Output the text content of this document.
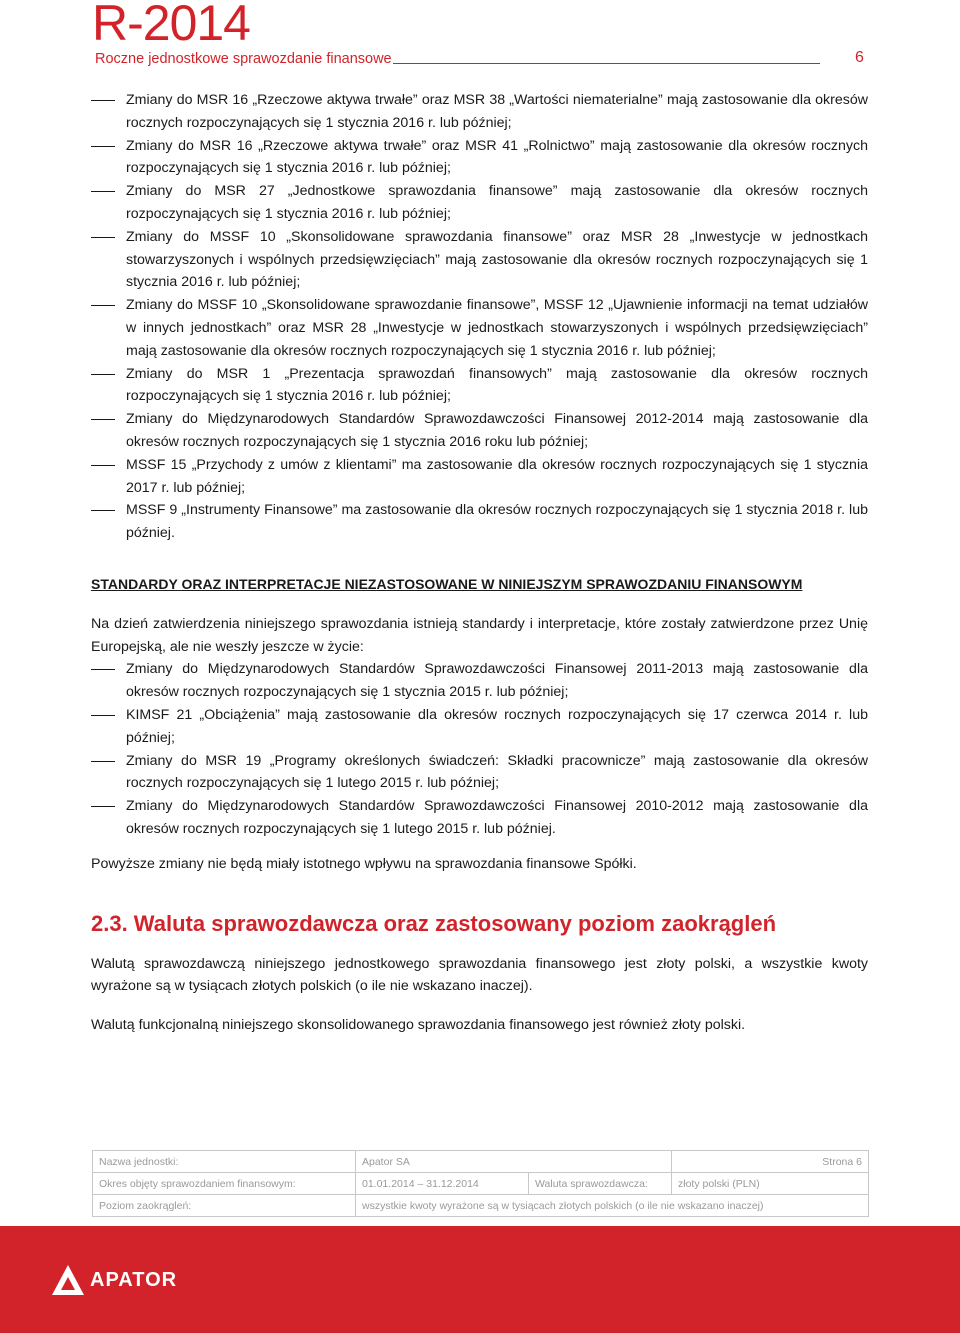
R-2014
Roczne jednostkowe sprawozdanie finansowe	6
Zmiany do MSR 16 „Rzeczowe aktywa trwałe” oraz MSR 38 „Wartości niematerialne” mają zastosowanie dla okresów rocznych rozpoczynających się 1 stycznia 2016 r. lub później;
Zmiany do MSR 16 „Rzeczowe aktywa trwałe” oraz MSR 41 „Rolnictwo” mają zastosowanie dla okresów rocznych rozpoczynających się 1 stycznia 2016 r. lub później;
Zmiany do MSR 27 „Jednostkowe sprawozdania finansowe” mają zastosowanie dla okresów rocznych rozpoczynających się 1 stycznia 2016 r. lub później;
Zmiany do MSSF 10 „Skonsolidowane sprawozdania finansowe” oraz MSR 28 „Inwestycje w jednostkach stowarzyszonych i wspólnych przedsięwzięciach” mają zastosowanie dla okresów rocznych rozpoczynających się 1 stycznia 2016 r. lub później;
Zmiany do MSSF 10 „Skonsolidowane sprawozdanie finansowe”, MSSF 12 „Ujawnienie informacji na temat udziałów w innych jednostkach” oraz MSR 28 „Inwestycje w jednostkach stowarzyszonych i wspólnych przedsięwzięciach” mają zastosowanie dla okresów rocznych rozpoczynających się 1 stycznia 2016 r. lub później;
Zmiany do MSR 1 „Prezentacja sprawozdań finansowych” mają zastosowanie dla okresów rocznych rozpoczynających się 1 stycznia 2016 r. lub później;
Zmiany do Międzynarodowych Standardów Sprawozdawczości Finansowej 2012-2014 mają zastosowanie dla okresów rocznych rozpoczynających się 1 stycznia 2016 roku lub później;
MSSF 15 „Przychody z umów z klientami” ma zastosowanie dla okresów rocznych rozpoczynających się 1 stycznia 2017 r. lub później;
MSSF 9 „Instrumenty Finansowe” ma zastosowanie dla okresów rocznych rozpoczynających się 1 stycznia 2018 r. lub później.
STANDARDY ORAZ INTERPRETACJE NIEZASTOSOWANE W NINIEJSZYM SPRAWOZDANIU FINANSOWYM

Na dzień zatwierdzenia niniejszego sprawozdania istnieją standardy i interpretacje, które zostały zatwierdzone przez Unię Europejską, ale nie weszły jeszcze w życie:

Zmiany do Międzynarodowych Standardów Sprawozdawczości Finansowej 2011-2013 mają zastosowanie dla okresów rocznych rozpoczynających się 1 stycznia 2015 r. lub później;
KIMSF 21 „Obciążenia” mają zastosowanie dla okresów rocznych rozpoczynających się 17 czerwca 2014 r. lub później;
Zmiany do MSR 19 „Programy określonych świadczeń: Składki pracownicze” mają zastosowanie dla okresów rocznych rozpoczynających się 1 lutego 2015 r. lub później;
Zmiany do Międzynarodowych Standardów Sprawozdawczości Finansowej 2010-2012 mają zastosowanie dla okresów rocznych rozpoczynających się 1 lutego 2015 r. lub później.

Powyższe zmiany nie będą miały istotnego wpływu na sprawozdania finansowe Spółki.

2.3. Waluta sprawozdawcza oraz zastosowany poziom zaokrągleń

Walutą sprawozdawczą niniejszego jednostkowego sprawozdania finansowego jest złoty polski, a wszystkie kwoty wyrażone są w tysiącach złotych polskich (o ile nie wskazano inaczej).

Walutą funkcjonalną niniejszego skonsolidowanego sprawozdania finansowego jest również złoty polski.

Nazwa jednostki:	Apator SA		Strona 6
Okres objęty sprawozdaniem finansowym:	01.01.2014 – 31.12.2014	Waluta sprawozdawcza:	złoty polski (PLN)
Poziom zaokrągleń:	wszystkie kwoty wyrażone są w tysiącach złotych polskich (o ile nie wskazano inaczej)		
APATOR
